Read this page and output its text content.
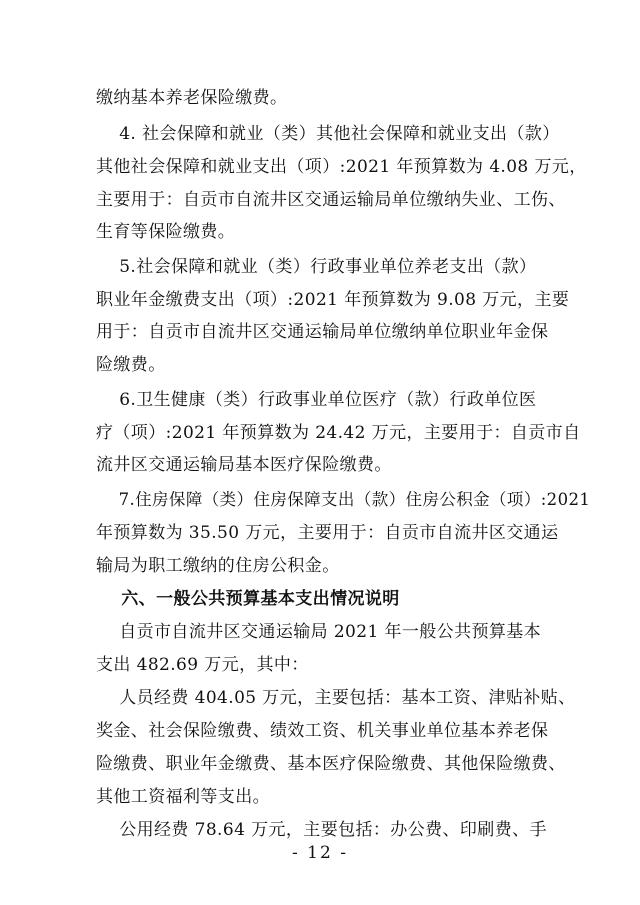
缴纳基本养老保险缴费。
4. 社会保障和就业（类）其他社会保障和就业支出（款）
其他社会保障和就业支出（项）:2021 年预算数为 4.08 万元，
主要用于：自贡市自流井区交通运输局单位缴纳失业、工伤、
生育等保险缴费。
5.社会保障和就业（类）行政事业单位养老支出（款）
职业年金缴费支出（项）:2021 年预算数为 9.08 万元，主要
用于：自贡市自流井区交通运输局单位缴纳单位职业年金保
险缴费。
6.卫生健康（类）行政事业单位医疗（款）行政单位医
疗（项）:2021 年预算数为 24.42 万元，主要用于：自贡市自
流井区交通运输局基本医疗保险缴费。
7.住房保障（类）住房保障支出（款）住房公积金（项）:2021
年预算数为 35.50 万元，主要用于：自贡市自流井区交通运
输局为职工缴纳的住房公积金。
六、一般公共预算基本支出情况说明
自贡市自流井区交通运输局 2021 年一般公共预算基本
支出 482.69 万元，其中：
人员经费 404.05 万元，主要包括：基本工资、津贴补贴、
奖金、社会保险缴费、绩效工资、机关事业单位基本养老保
险缴费、职业年金缴费、基本医疗保险缴费、其他保险缴费、
其他工资福利等支出。
公用经费 78.64 万元，主要包括：办公费、印刷费、手
- 12 -
